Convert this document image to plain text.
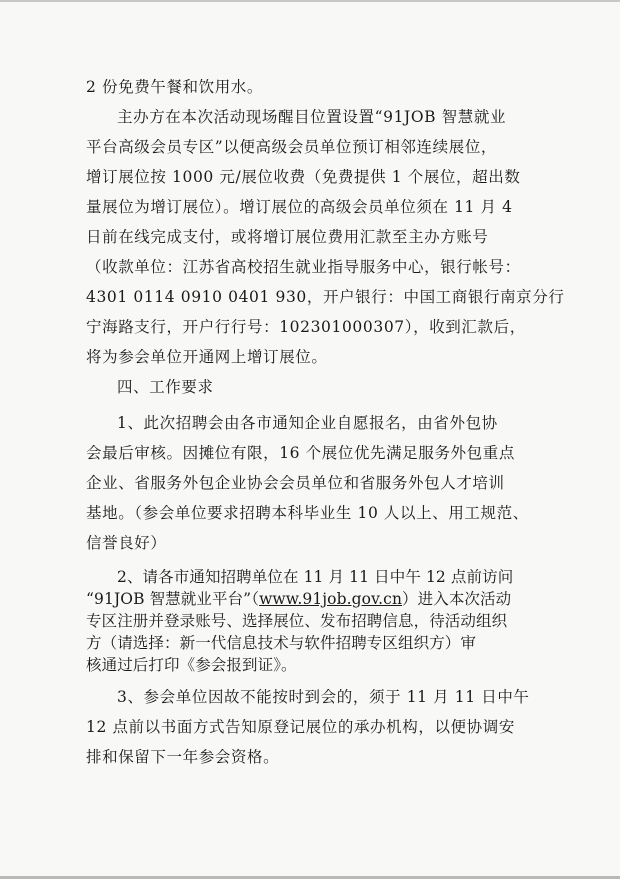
2 份免费午餐和饮用水。
主办方在本次活动现场醒目位置设置“91JOB 智慧就业
平台高级会员专区”以便高级会员单位预订相邻连续展位，
增订展位按 1000 元/展位收费（免费提供 1 个展位，超出数
量展位为增订展位）。增订展位的高级会员单位须在 11 月 4
日前在线完成支付，或将增订展位费用汇款至主办方账号
（收款单位：江苏省高校招生就业指导服务中心，银行帐号：
4301 0114 0910 0401 930，开户银行：中国工商银行南京分行
宁海路支行，开户行行号：102301000307），收到汇款后，
将为参会单位开通网上增订展位。
四、工作要求
1、此次招聘会由各市通知企业自愿报名，由省外包协
会最后审核。因摊位有限，16 个展位优先满足服务外包重点
企业、省服务外包企业协会会员单位和省服务外包人才培训
基地。（参会单位要求招聘本科毕业生 10 人以上、用工规范、
信誉良好）
2、请各市通知招聘单位在 11 月 11 日中午 12 点前访问
“91JOB 智慧就业平台”（www.91job.gov.cn）进入本次活动
专区注册并登录账号、选择展位、发布招聘信息，待活动组织
方（请选择：新一代信息技术与软件招聘专区组织方）审
核通过后打印《参会报到证》。
3、参会单位因故不能按时到会的，须于 11 月 11 日中午
12 点前以书面方式告知原登记展位的承办机构，以便协调安
排和保留下一年参会资格。
